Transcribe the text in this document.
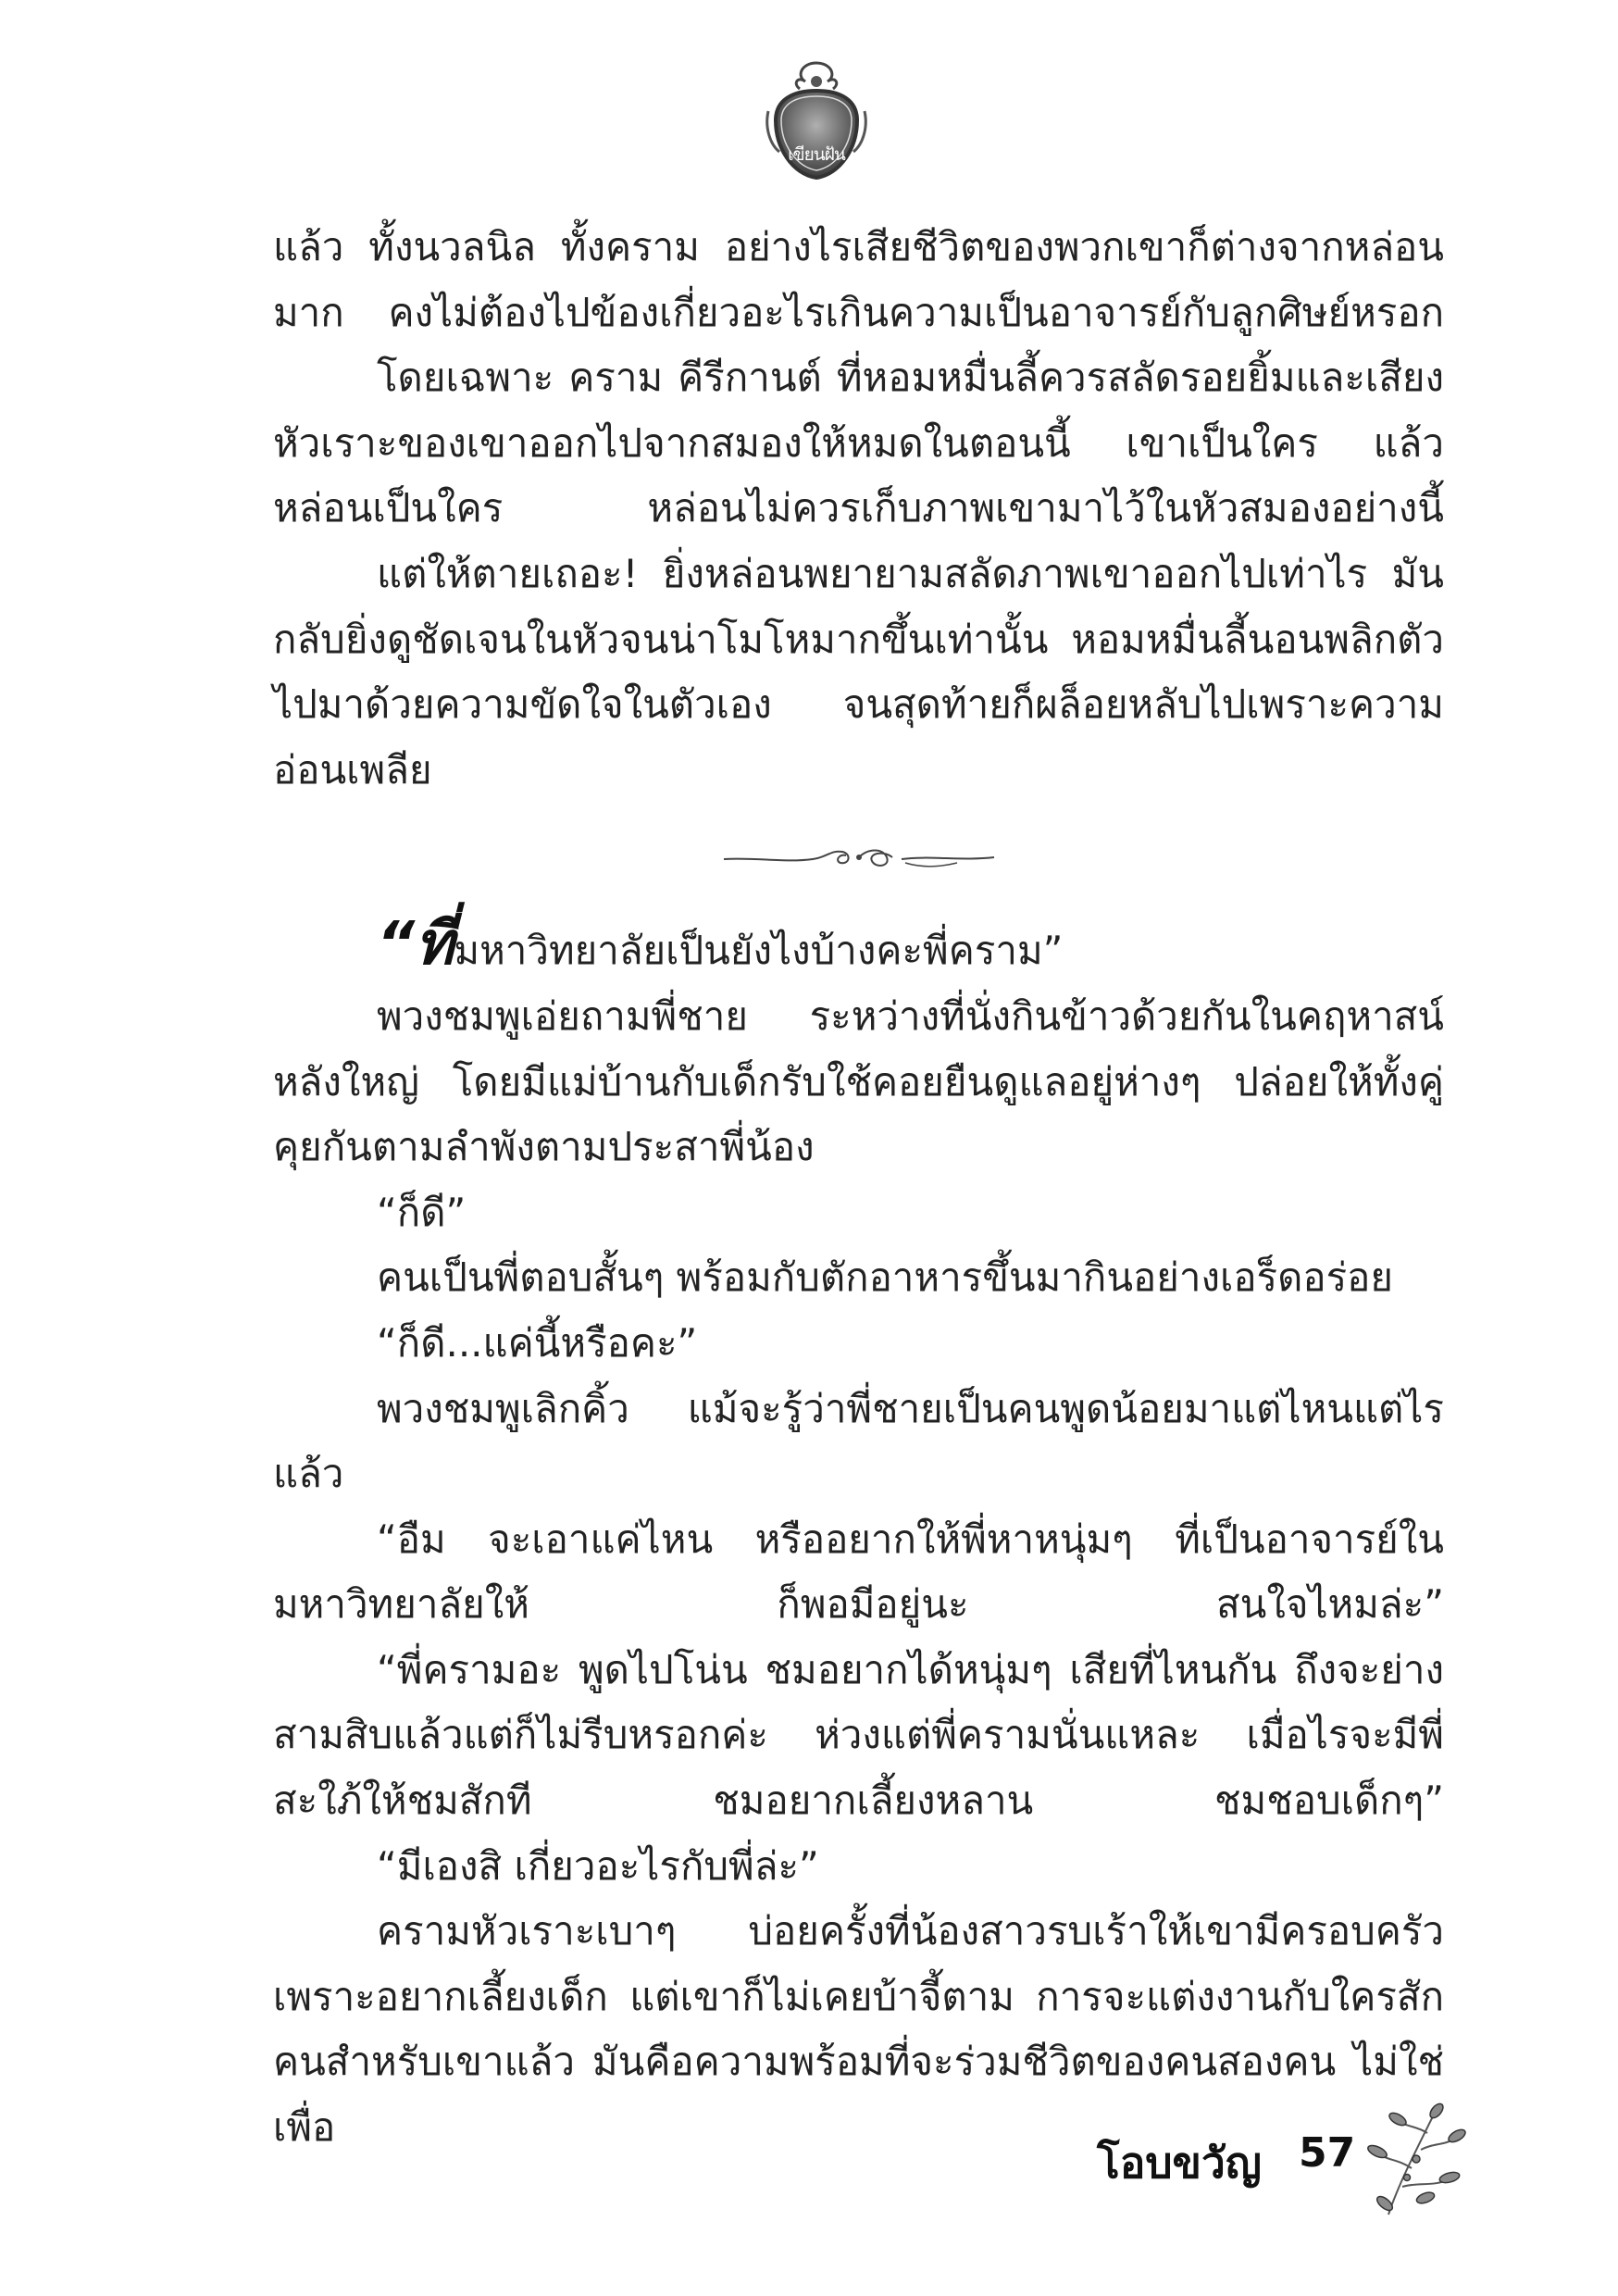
เขียนฝัน

แล้ว ทั้งนวลนิล ทั้งคราม อย่างไรเสียชีวิตของพวกเขาก็ต่างจากหล่อนมาก คงไม่ต้องไปข้องเกี่ยวอะไรเกินความเป็นอาจารย์กับลูกศิษย์หรอก

โดยเฉพาะ คราม คีรีกานต์ ที่หอมหมื่นลี้ควรสลัดรอยยิ้มและเสียงหัวเราะของเขาออกไปจากสมองให้หมดในตอนนี้ เขาเป็นใคร แล้วหล่อนเป็นใคร หล่อนไม่ควรเก็บภาพเขามาไว้ในหัวสมองอย่างนี้

แต่ให้ตายเถอะ! ยิ่งหล่อนพยายามสลัดภาพเขาออกไปเท่าไร มันกลับยิ่งดูชัดเจนในหัวจนน่าโมโหมากขึ้นเท่านั้น หอมหมื่นลี้นอนพลิกตัวไปมาด้วยความขัดใจในตัวเอง จนสุดท้ายก็ผล็อยหลับไปเพราะความอ่อนเพลีย

“ที่มหาวิทยาลัยเป็นยังไงบ้างคะพี่คราม”

พวงชมพูเอ่ยถามพี่ชาย ระหว่างที่นั่งกินข้าวด้วยกันในคฤหาสน์หลังใหญ่ โดยมีแม่บ้านกับเด็กรับใช้คอยยืนดูแลอยู่ห่างๆ ปล่อยให้ทั้งคู่คุยกันตามลำพังตามประสาพี่น้อง

“ก็ดี”

คนเป็นพี่ตอบสั้นๆ พร้อมกับตักอาหารขึ้นมากินอย่างเอร็ดอร่อย

“ก็ดี...แค่นี้หรือคะ”

พวงชมพูเลิกคิ้ว แม้จะรู้ว่าพี่ชายเป็นคนพูดน้อยมาแต่ไหนแต่ไรแล้ว

“อืม จะเอาแค่ไหน หรืออยากให้พี่หาหนุ่มๆ ที่เป็นอาจารย์ในมหาวิทยาลัยให้ ก็พอมีอยู่นะ สนใจไหมล่ะ”

“พี่ครามอะ พูดไปโน่น ชมอยากได้หนุ่มๆ เสียที่ไหนกัน ถึงจะย่างสามสิบแล้วแต่ก็ไม่รีบหรอกค่ะ ห่วงแต่พี่ครามนั่นแหละ เมื่อไรจะมีพี่สะใภ้ให้ชมสักที ชมอยากเลี้ยงหลาน ชมชอบเด็กๆ”

“มีเองสิ เกี่ยวอะไรกับพี่ล่ะ”

ครามหัวเราะเบาๆ บ่อยครั้งที่น้องสาวรบเร้าให้เขามีครอบครัวเพราะอยากเลี้ยงเด็ก แต่เขาก็ไม่เคยบ้าจี้ตาม การจะแต่งงานกับใครสักคนสำหรับเขาแล้ว มันคือความพร้อมที่จะร่วมชีวิตของคนสองคน ไม่ใช่เพื่อ

โอบขวัญ 57
